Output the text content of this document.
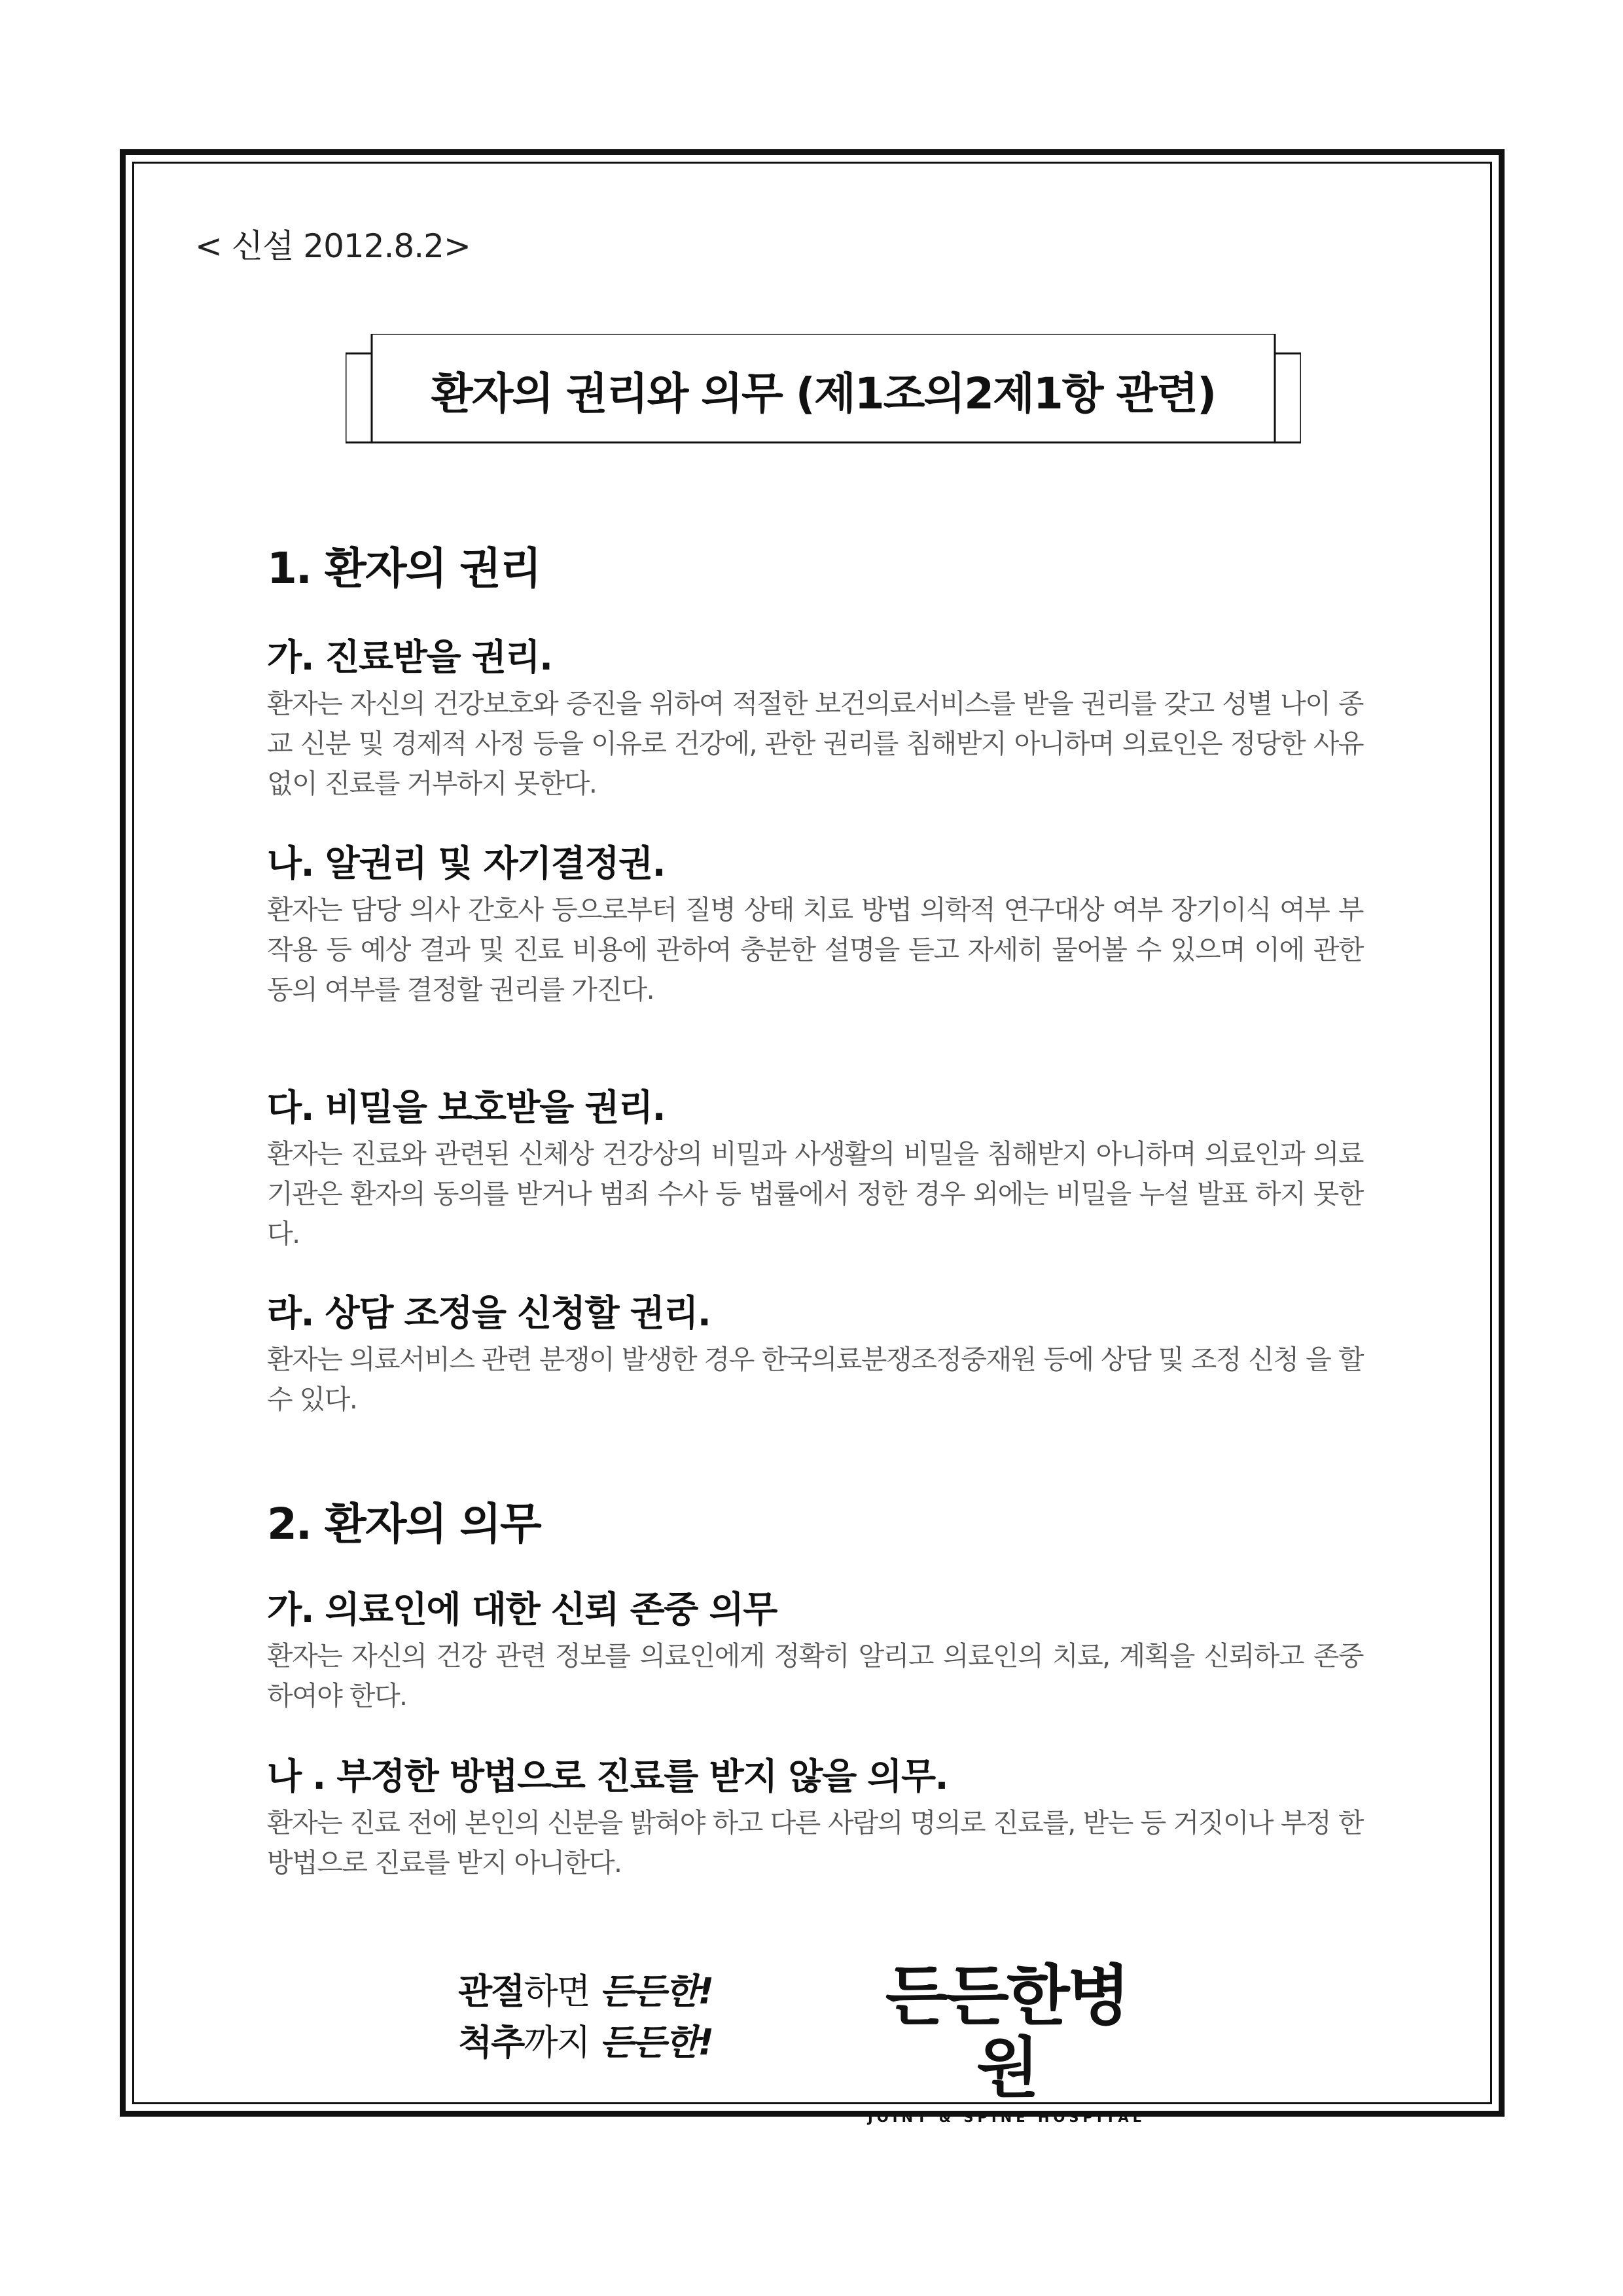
< 신설 2012.8.2>
환자의 권리와 의무 (제1조의2제1항 관련)
1. 환자의 권리
가. 진료받을 권리.
환자는 자신의 건강보호와 증진을 위하여 적절한 보건의료서비스를 받을 권리를 갖고 성별 나이 종교 신분 및 경제적 사정 등을 이유로 건강에, 관한 권리를 침해받지 아니하며 의료인은 정당한 사유 없이 진료를 거부하지 못한다.
나. 알권리 및 자기결정권.
환자는 담당 의사 간호사 등으로부터 질병 상태 치료 방법 의학적 연구대상 여부 장기이식 여부 부작용 등 예상 결과 및 진료 비용에 관하여 충분한 설명을 듣고 자세히 물어볼 수 있으며 이에 관한 동의 여부를 결정할 권리를 가진다.
다. 비밀을 보호받을 권리.
환자는 진료와 관련된 신체상 건강상의 비밀과 사생활의 비밀을 침해받지 아니하며 의료인과 의료기관은 환자의 동의를 받거나 범죄 수사 등 법률에서 정한 경우 외에는 비밀을 누설 발표 하지 못한다.
라. 상담 조정을 신청할 권리.
환자는 의료서비스 관련 분쟁이 발생한 경우 한국의료분쟁조정중재원 등에 상담 및 조정 신청 을 할 수 있다.
2. 환자의 의무
가. 의료인에 대한 신뢰 존중 의무
환자는 자신의 건강 관련 정보를 의료인에게 정확히 알리고 의료인의 치료, 계획을 신뢰하고 존중 하여야 한다.
나 . 부정한 방법으로 진료를 받지 않을 의무.
환자는 진료 전에 본인의 신분을 밝혀야 하고 다른 사람의 명의로 진료를, 받는 등 거짓이나 부정 한 방법으로 진료를 받지 아니한다.
관절하면 든든한!
척추까지 든든한!
든든한병원
JOINT & SPINE HOSPITAL
